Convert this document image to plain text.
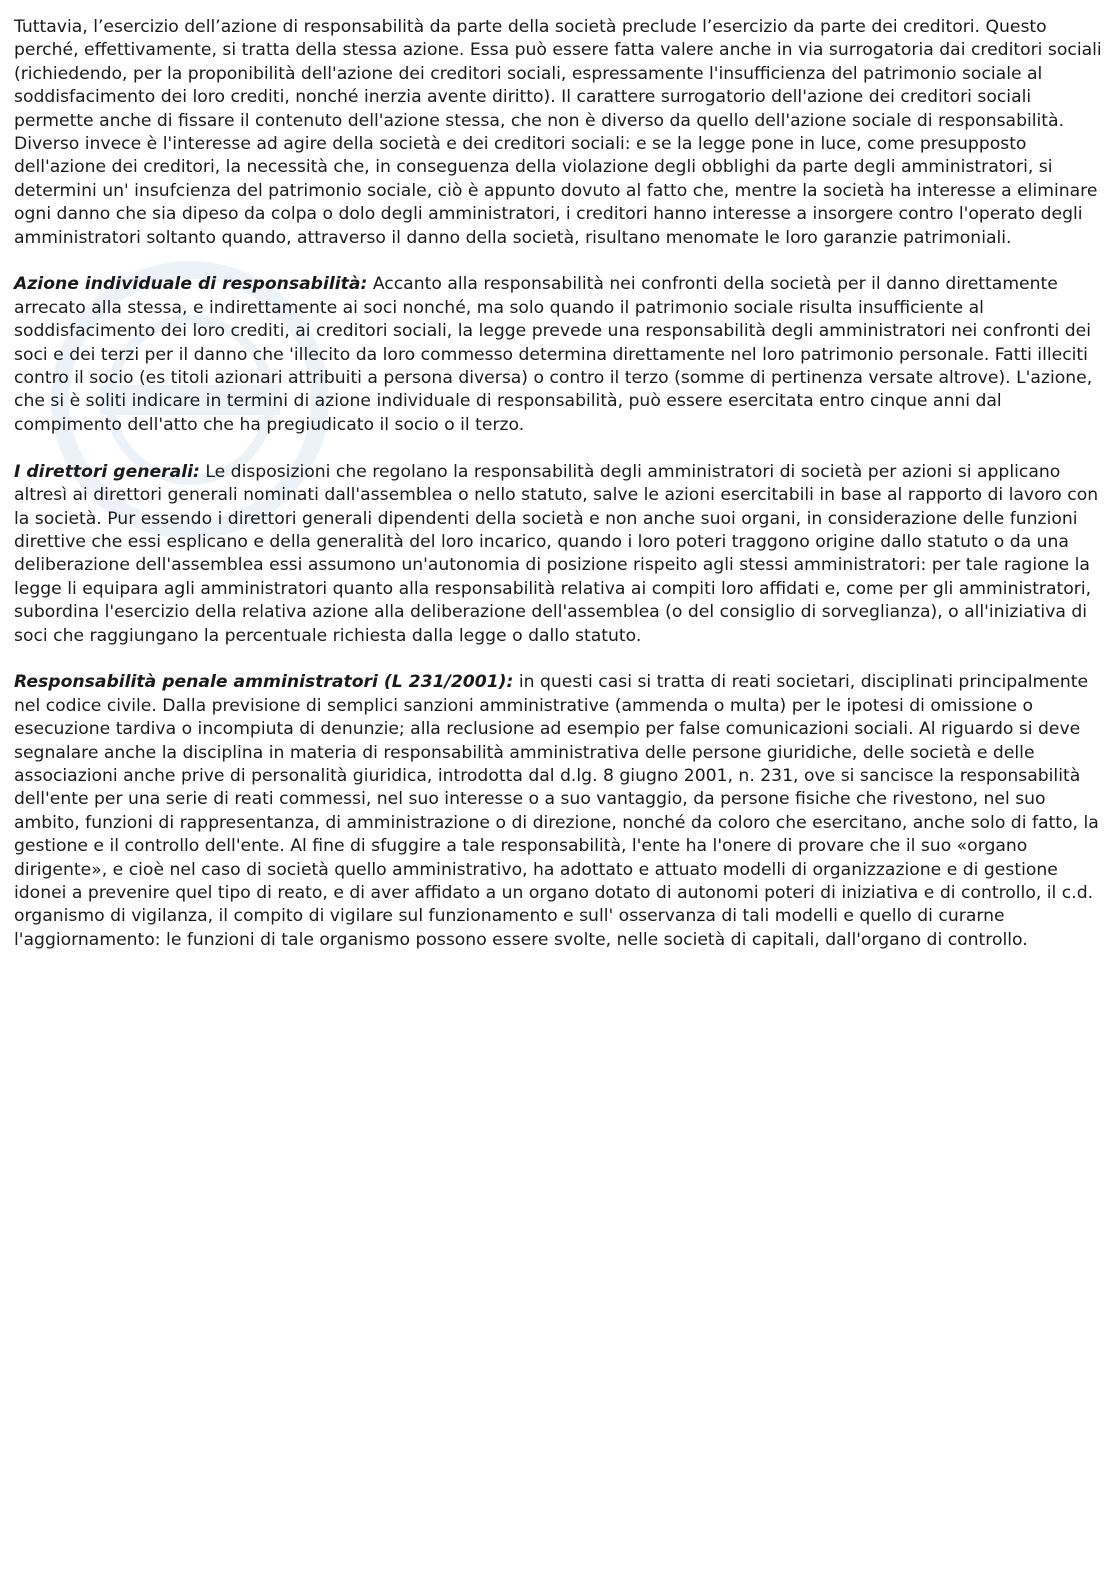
Tuttavia, l’esercizio dell’azione di responsabilità da parte della società preclude l’esercizio da parte dei creditori. Questo perché, effettivamente, si tratta della stessa azione. Essa può essere fatta valere anche in via surrogatoria dai creditori sociali (richiedendo, per la proponibilità dell'azione dei creditori sociali, espressamente l'insufficienza del patrimonio sociale al soddisfacimento dei loro crediti, nonché inerzia avente diritto). Il carattere surrogatorio dell'azione dei creditori sociali permette anche di fissare il contenuto dell'azione stessa, che non è diverso da quello dell'azione sociale di responsabilità. Diverso invece è l'interesse ad agire della società e dei creditori sociali: e se la legge pone in luce, come presupposto dell'azione dei creditori, la necessità che, in conseguenza della violazione degli obblighi da parte degli amministratori, si determini un' insufcienza del patrimonio sociale, ciò è appunto dovuto al fatto che, mentre la società ha interesse a eliminare ogni danno che sia dipeso da colpa o dolo degli amministratori, i creditori hanno interesse a insorgere contro l'operato degli amministratori soltanto quando, attraverso il danno della società, risultano menomate le loro garanzie patrimoniali.

Azione individuale di responsabilità: Accanto alla responsabilità nei confronti della società per il danno direttamente arrecato alla stessa, e indirettamente ai soci nonché, ma solo quando il patrimonio sociale risulta insufficiente al soddisfacimento dei loro crediti, ai creditori sociali, la legge prevede una responsabilità degli amministratori nei confronti dei soci e dei terzi per il danno che 'illecito da loro commesso determina direttamente nel loro patrimonio personale. Fatti illeciti contro il socio (es titoli azionari attribuiti a persona diversa) o contro il terzo (somme di pertinenza versate altrove). L'azione, che si è soliti indicare in termini di azione individuale di responsabilità, può essere esercitata entro cinque anni dal compimento dell'atto che ha pregiudicato il socio o il terzo.

I direttori generali: Le disposizioni che regolano la responsabilità degli amministratori di società per azioni si applicano altresì ai direttori generali nominati dall'assemblea o nello statuto, salve le azioni esercitabili in base al rapporto di lavoro con la società. Pur essendo i direttori generali dipendenti della società e non anche suoi organi, in considerazione delle funzioni direttive che essi esplicano e della generalità del loro incarico, quando i loro poteri traggono origine dallo statuto o da una deliberazione dell'assemblea essi assumono un'autonomia di posizione rispeito agli stessi amministratori: per tale ragione la legge li equipara agli amministratori quanto alla responsabilità relativa ai compiti loro affidati e, come per gli amministratori, subordina l'esercizio della relativa azione alla deliberazione dell'assemblea (o del consiglio di sorveglianza), o all'iniziativa di soci che raggiungano la percentuale richiesta dalla legge o dallo statuto.

Responsabilità penale amministratori (L 231/2001): in questi casi si tratta di reati societari, disciplinati principalmente nel codice civile. Dalla previsione di semplici sanzioni amministrative (ammenda o multa) per le ipotesi di omissione o esecuzione tardiva o incompiuta di denunzie; alla reclusione ad esempio per false comunicazioni sociali. Al riguardo si deve segnalare anche la disciplina in materia di responsabilità amministrativa delle persone giuridiche, delle società e delle associazioni anche prive di personalità giuridica, introdotta dal d.lg. 8 giugno 2001, n. 231, ove si sancisce la responsabilità dell'ente per una serie di reati commessi, nel suo interesse o a suo vantaggio, da persone fisiche che rivestono, nel suo ambito, funzioni di rappresentanza, di amministrazione o di direzione, nonché da coloro che esercitano, anche solo di fatto, la gestione e il controllo dell'ente. Al fine di sfuggire a tale responsabilità, l'ente ha l'onere di provare che il suo «organo dirigente», e cioè nel caso di società quello amministrativo, ha adottato e attuato modelli di organizzazione e di gestione idonei a prevenire quel tipo di reato, e di aver affidato a un organo dotato di autonomi poteri di iniziativa e di controllo, il c.d. organismo di vigilanza, il compito di vigilare sul funzionamento e sull' osservanza di tali modelli e quello di curarne l'aggiornamento: le funzioni di tale organismo possono essere svolte, nelle società di capitali, dall'organo di controllo.
